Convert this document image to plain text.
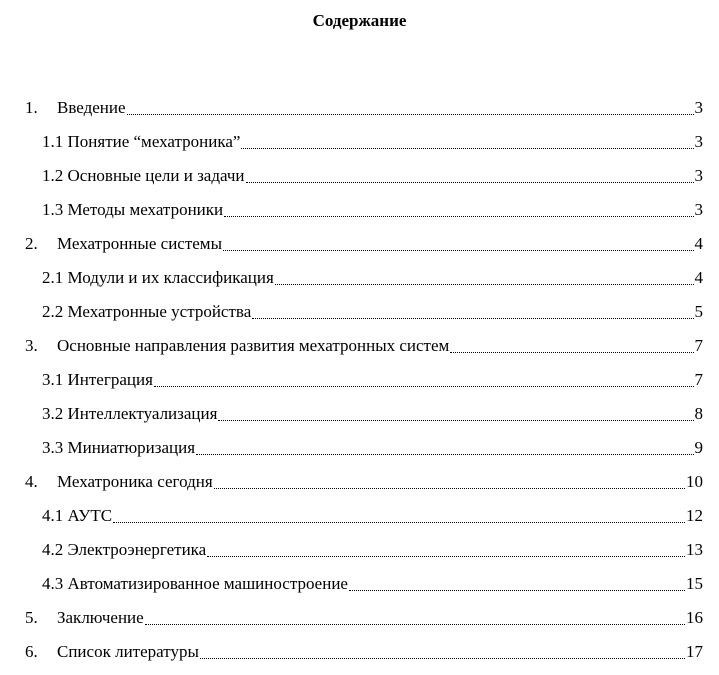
Содержание
1. Введение	3
1.1 Понятие “мехатроника”	3
1.2 Основные цели и задачи	3
1.3 Методы мехатроники	3
2. Мехатронные системы	4
2.1 Модули и их классификация	4
2.2 Мехатронные устройства	5
3. Основные направления развития мехатронных систем	7
3.1 Интеграция	7
3.2 Интеллектуализация	8
3.3 Миниатюризация	9
4. Мехатроника сегодня	10
4.1 АУТС	12
4.2 Электроэнергетика	13
4.3 Автоматизированное машиностроение	15
5. Заключение	16
6. Список литературы	17
